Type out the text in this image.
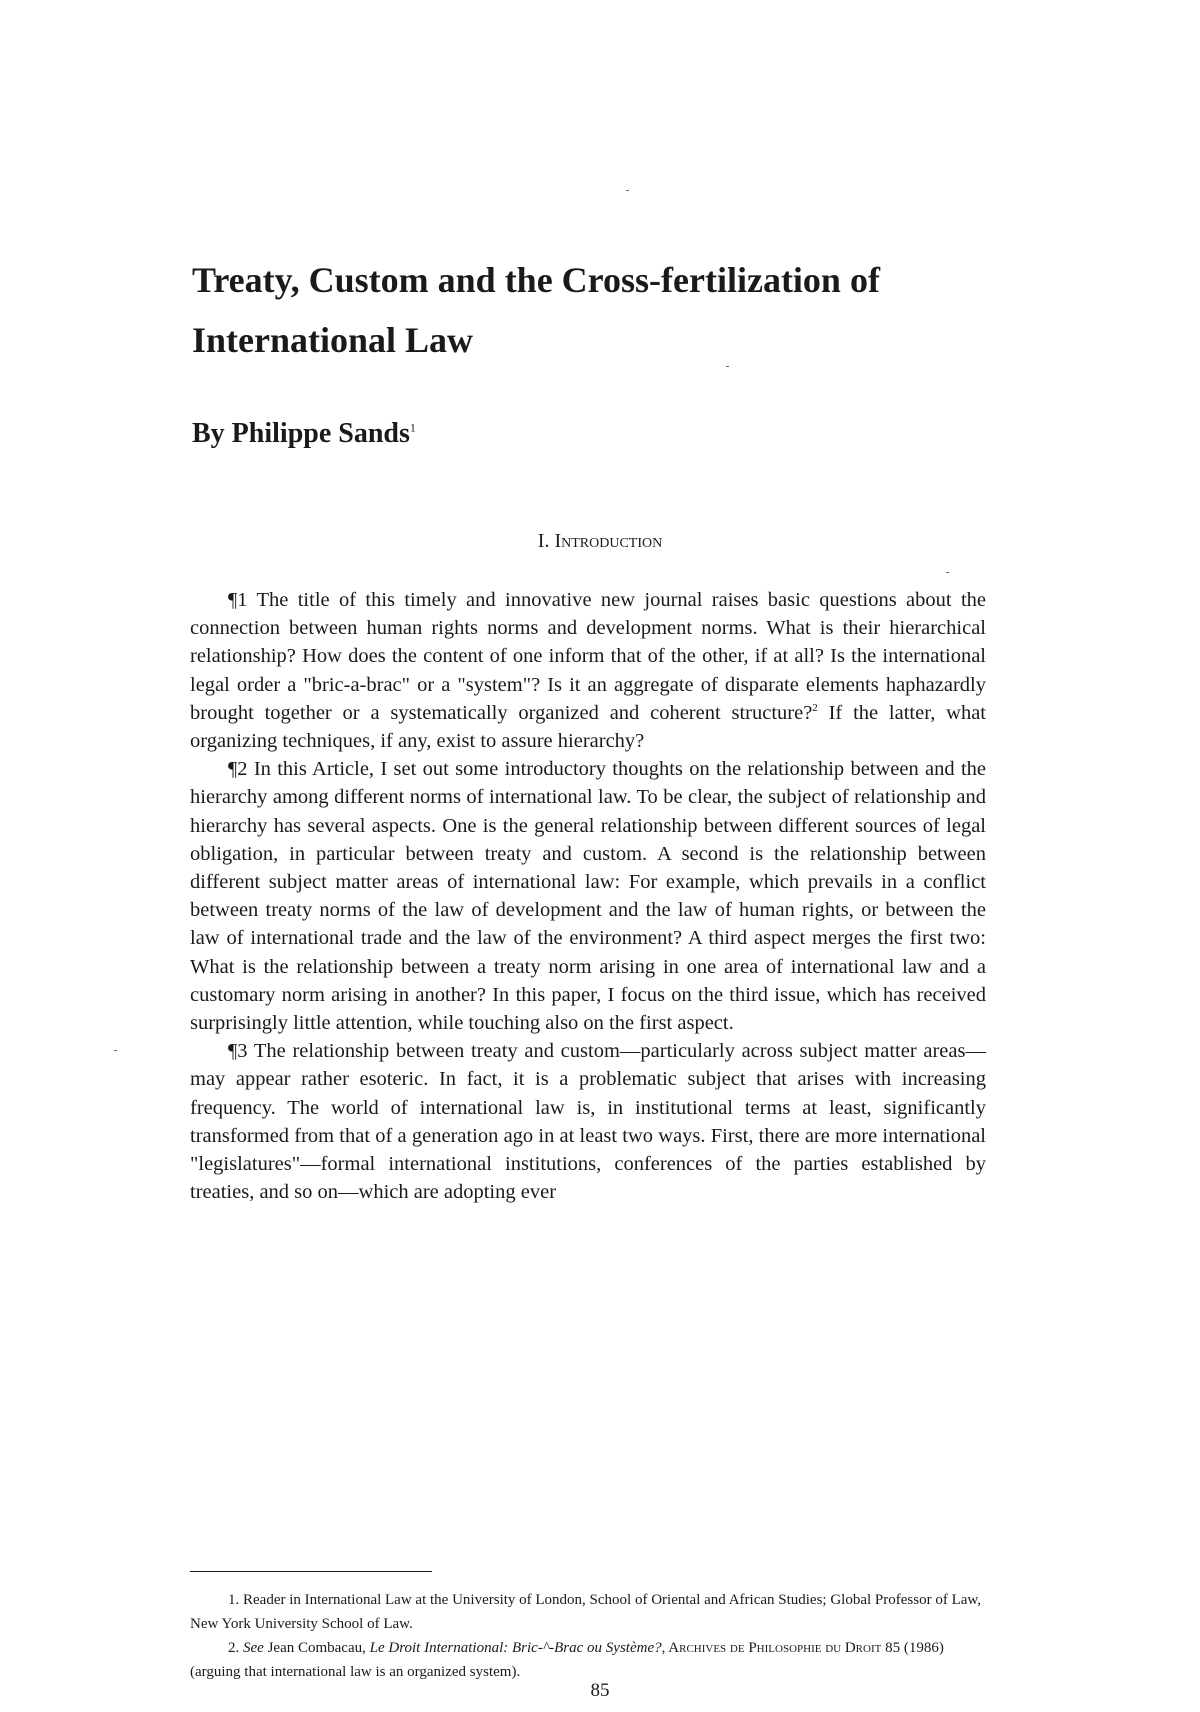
Treaty, Custom and the Cross-fertilization of International Law
By Philippe Sands$^1$
I. Introduction

¶1 The title of this timely and innovative new journal raises basic questions about the connection between human rights norms and development norms. What is their hierarchical relationship? How does the content of one inform that of the other, if at all? Is the international legal order a "bric-a-brac" or a "system"? Is it an aggregate of disparate elements haphazardly brought together or a systematically organized and coherent structure?$^2$ If the latter, what organizing techniques, if any, exist to assure hierarchy?

¶2 In this Article, I set out some introductory thoughts on the relationship between and the hierarchy among different norms of international law. To be clear, the subject of relationship and hierarchy has several aspects. One is the general relationship between different sources of legal obligation, in particular between treaty and custom. A second is the relationship between different subject matter areas of international law: For example, which prevails in a conflict between treaty norms of the law of development and the law of human rights, or between the law of international trade and the law of the environment? A third aspect merges the first two: What is the relationship between a treaty norm arising in one area of international law and a customary norm arising in another? In this paper, I focus on the third issue, which has received surprisingly little attention, while touching also on the first aspect.

¶3 The relationship between treaty and custom—particularly across subject matter areas— may appear rather esoteric. In fact, it is a problematic subject that arises with increasing frequency. The world of international law is, in institutional terms at least, significantly transformed from that of a generation ago in at least two ways. First, there are more international "legislatures"—formal international institutions, conferences of the parties established by treaties, and so on—which are adopting ever

1. Reader in International Law at the University of London, School of Oriental and African Studies; Global Professor of Law, New York University School of Law.

2. See Jean Combacau, Le Droit International: Bric-^-Brac ou Système?, Archives de Philosophie du Droit 85 (1986) (arguing that international law is an organized system).

85
